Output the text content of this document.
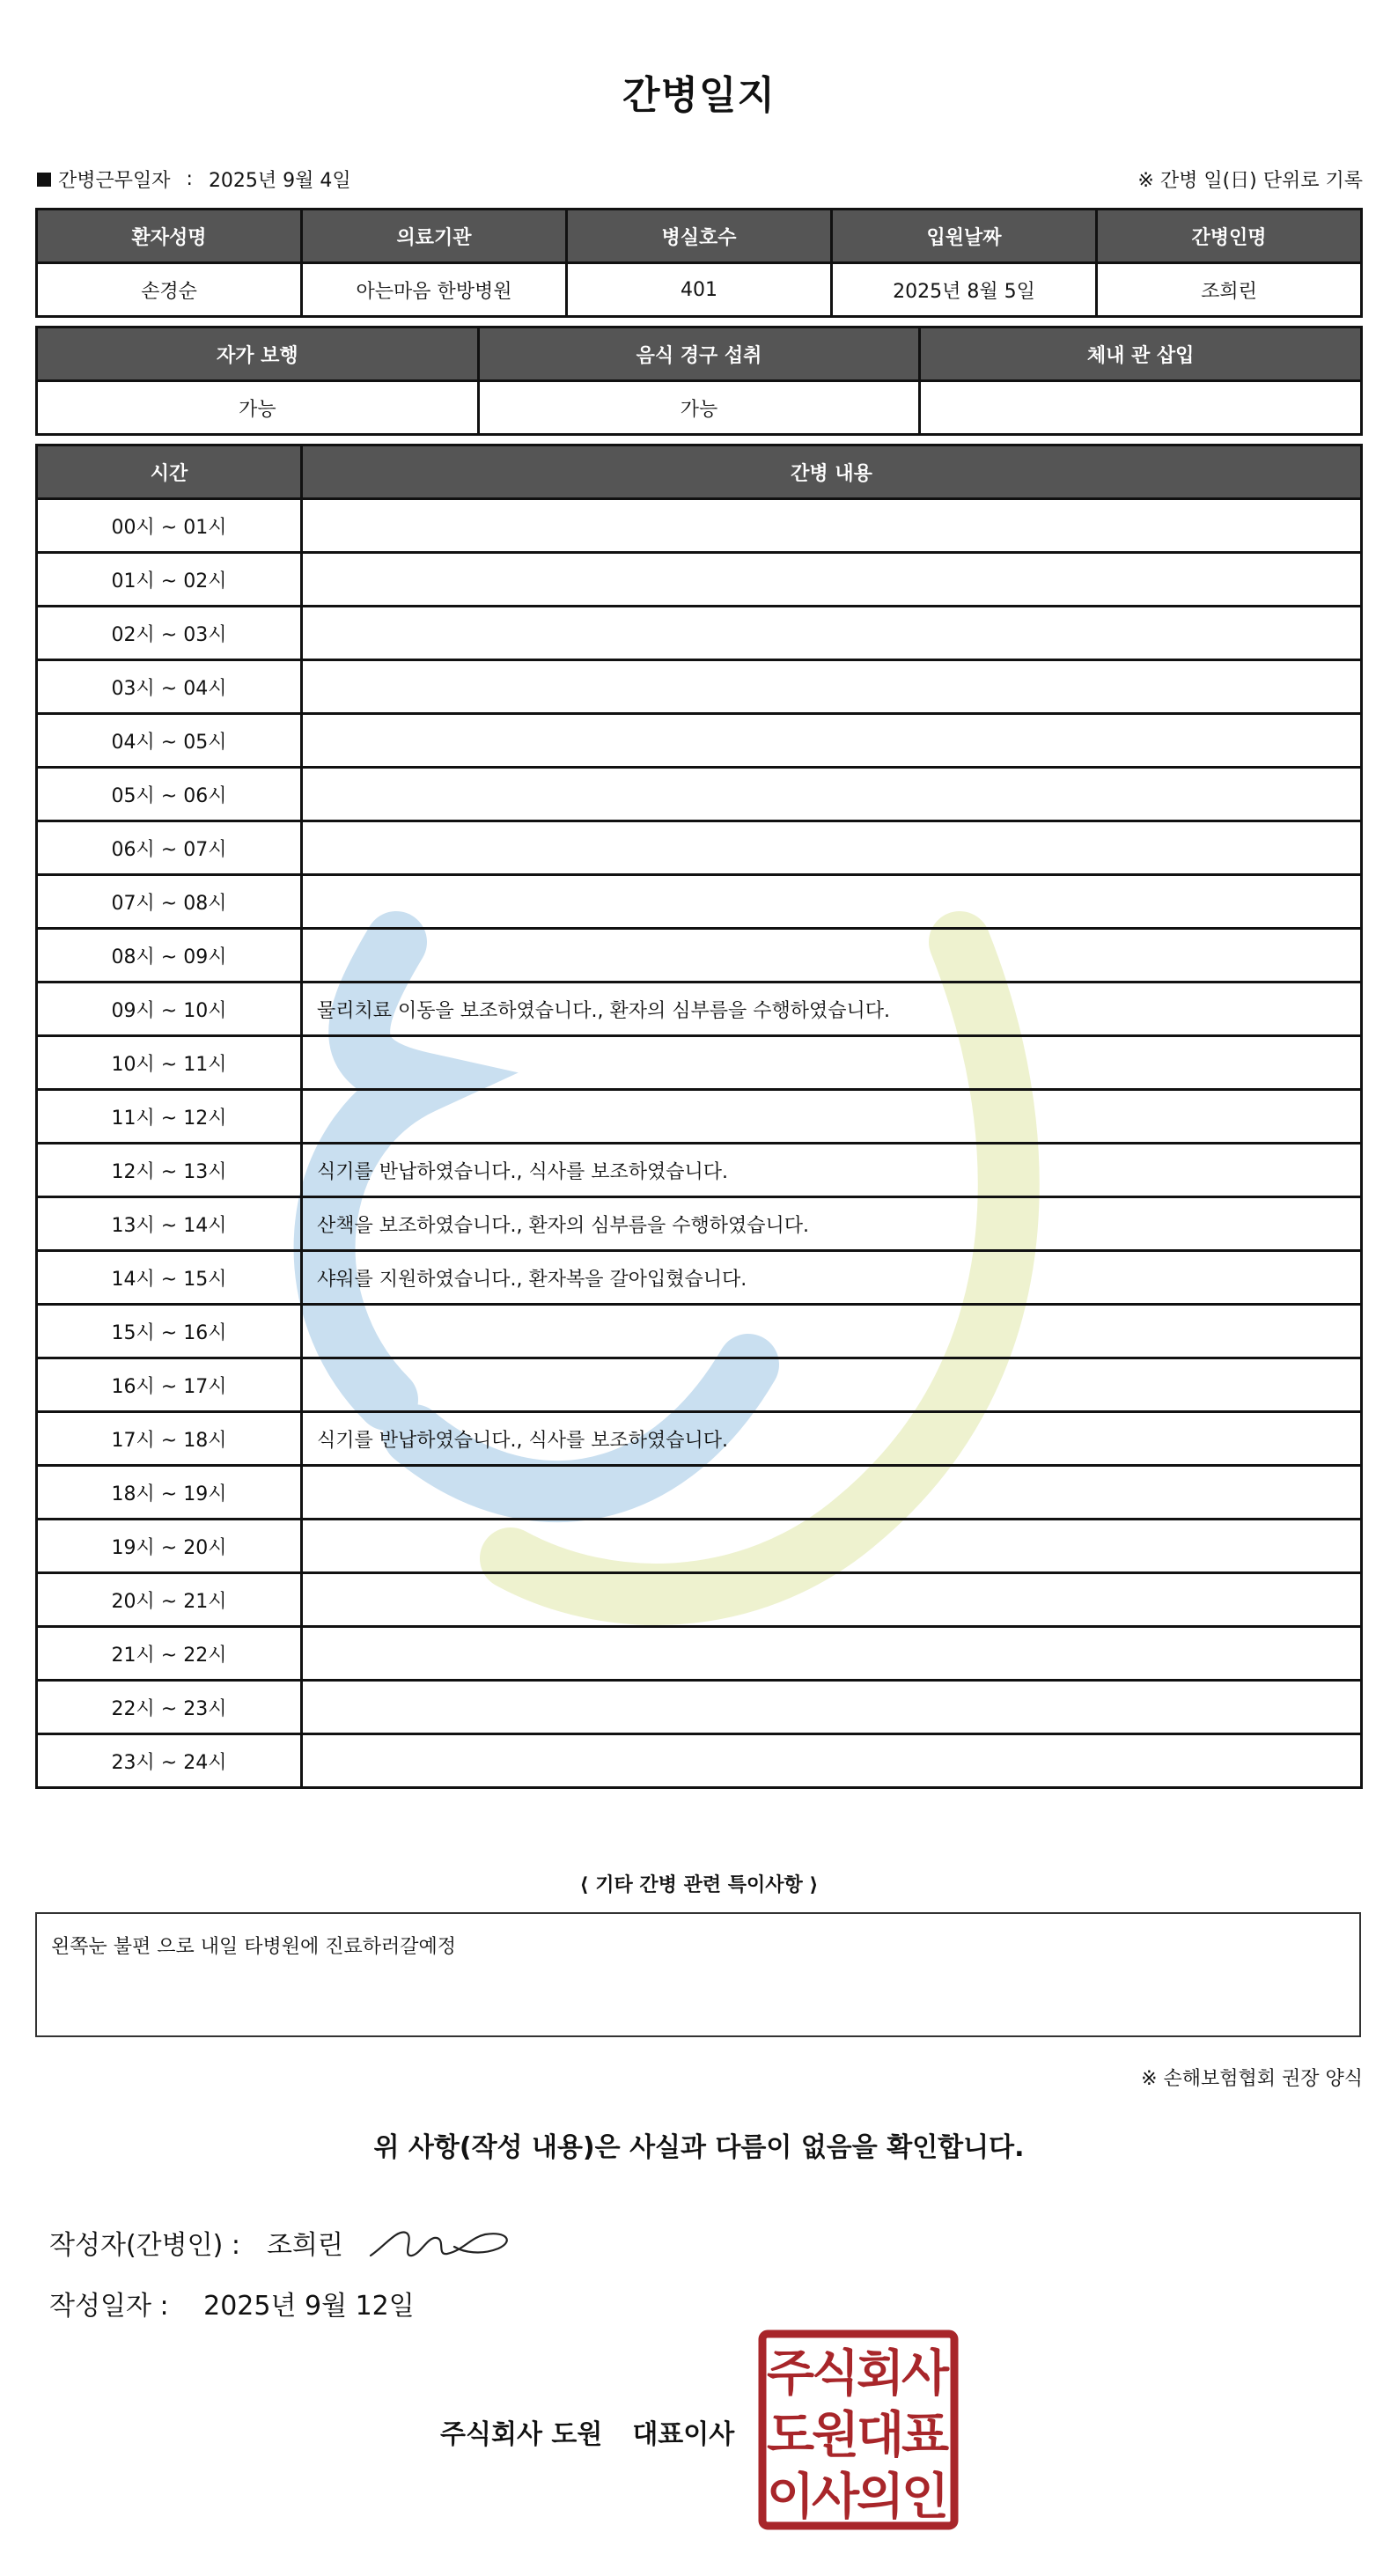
간병일지
간병근무일자 : 2025년 9월 4일	※ 간병 일(日) 단위로 기록
환자성명	의료기관	병실호수	입원날짜	간병인명
손경순	아는마음 한방병원	401	2025년 8월 5일	조희린
자가 보행	음식 경구 섭취	체내 관 삽입
가능	가능	
시간	간병 내용
00시 ~ 01시	
01시 ~ 02시	
02시 ~ 03시	
03시 ~ 04시	
04시 ~ 05시	
05시 ~ 06시	
06시 ~ 07시	
07시 ~ 08시	
08시 ~ 09시	
09시 ~ 10시	물리치료 이동을 보조하였습니다., 환자의 심부름을 수행하였습니다.
10시 ~ 11시	
11시 ~ 12시	
12시 ~ 13시	식기를 반납하였습니다., 식사를 보조하였습니다.
13시 ~ 14시	산책을 보조하였습니다., 환자의 심부름을 수행하였습니다.
14시 ~ 15시	샤워를 지원하였습니다., 환자복을 갈아입혔습니다.
15시 ~ 16시	
16시 ~ 17시	
17시 ~ 18시	식기를 반납하였습니다., 식사를 보조하였습니다.
18시 ~ 19시	
19시 ~ 20시	
20시 ~ 21시	
21시 ~ 22시	
22시 ~ 23시	
23시 ~ 24시	
⟨ 기타 간병 관련 특이사항 ⟩
왼쪽눈 불편 으로 내일 타병원에 진료하러갈예정
※ 손해보험협회 권장 양식
위 사항(작성 내용)은 사실과 다름이 없음을 확인합니다.
작성자(간병인) : 조희린
작성일자 : 2025년 9월 12일
주식회사 도원 대표이사
주
식
회
사
도
원
대
표
이
사
의
인
